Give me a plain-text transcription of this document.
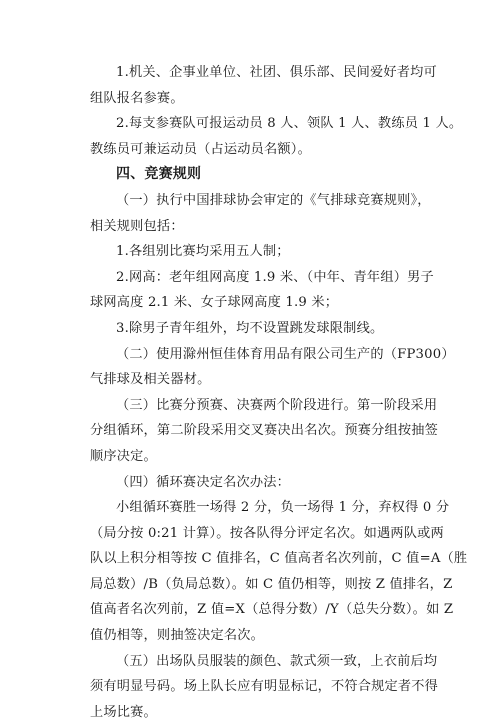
1.机关、企事业单位、社团、俱乐部、民间爱好者均可
组队报名参赛。
2.每支参赛队可报运动员 8 人、领队 1 人、教练员 1 人。
教练员可兼运动员（占运动员名额）。
四、竞赛规则
（一）执行中国排球协会审定的《气排球竞赛规则》，
相关规则包括：
1.各组别比赛均采用五人制；
2.网高：老年组网高度 1.9 米、（中年、青年组）男子
球网高度 2.1 米、女子球网高度 1.9 米；
3.除男子青年组外，均不设置跳发球限制线。
（二）使用滁州恒佳体育用品有限公司生产的（FP300）
气排球及相关器材。
（三）比赛分预赛、决赛两个阶段进行。第一阶段采用
分组循环，第二阶段采用交叉赛决出名次。预赛分组按抽签
顺序决定。
（四）循环赛决定名次办法：
小组循环赛胜一场得 2 分，负一场得 1 分，弃权得 0 分
（局分按 0:21 计算）。按各队得分评定名次。如遇两队或两
队以上积分相等按 C 值排名，C 值高者名次列前，C 值=A（胜
局总数）/B（负局总数）。如 C 值仍相等，则按 Z 值排名，Z
值高者名次列前，Z 值=X（总得分数）/Y（总失分数）。如 Z
值仍相等，则抽签决定名次。
（五）出场队员服装的颜色、款式须一致，上衣前后均
须有明显号码。场上队长应有明显标记，不符合规定者不得
上场比赛。
